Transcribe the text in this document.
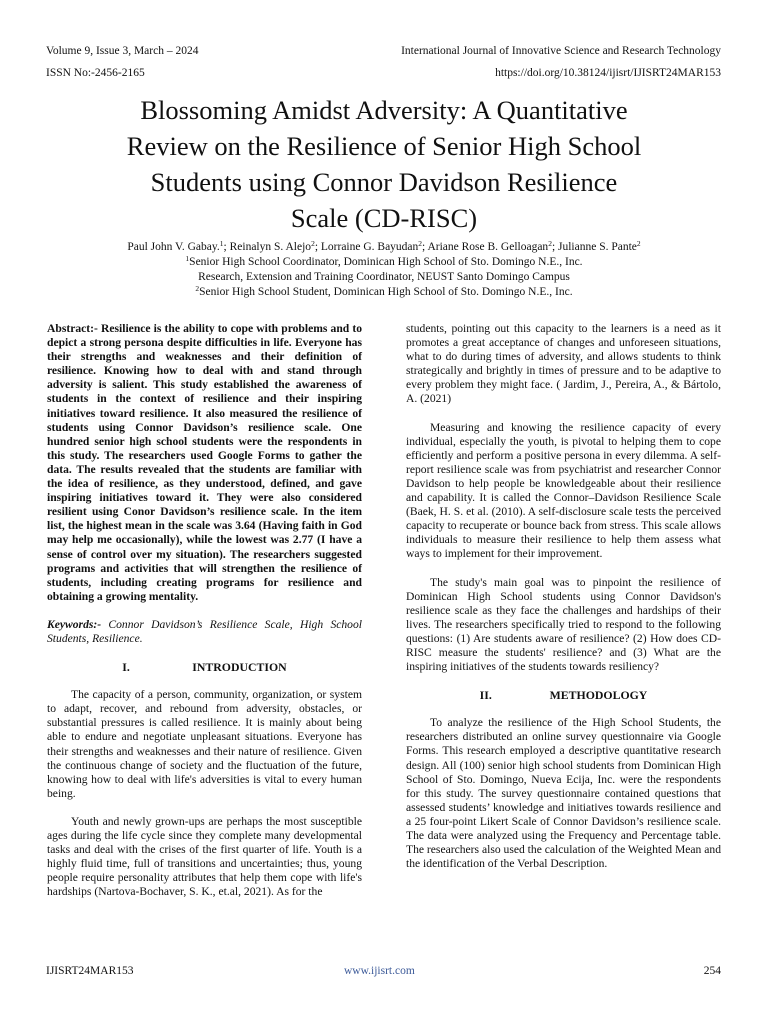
Volume 9, Issue 3, March – 2024
ISSN No:-2456-2165
International Journal of Innovative Science and Research Technology
https://doi.org/10.38124/ijisrt/IJISRT24MAR153
Blossoming Amidst Adversity: A Quantitative
Review on the Resilience of Senior High School
Students using Connor Davidson Resilience
Scale (CD-RISC)
Paul John V. Gabay.$^1$; Reinalyn S. Alejo$^2$; Lorraine G. Bayudan$^2$; Ariane Rose B. Gelloagan$^2$; Julianne S. Pante$^2$
$^1$Senior High School Coordinator, Dominican High School of Sto. Domingo N.E., Inc.
Research, Extension and Training Coordinator, NEUST Santo Domingo Campus
$^2$Senior High School Student, Dominican High School of Sto. Domingo N.E., Inc.

Abstract:- Resilience is the ability to cope with problems and to depict a strong persona despite difficulties in life. Everyone has their strengths and weaknesses and their definition of resilience. Knowing how to deal with and stand through adversity is salient. This study established the awareness of students in the context of resilience and their inspiring initiatives toward resilience. It also measured the resilience of students using Connor Davidson’s resilience scale. One hundred senior high school students were the respondents in this study. The researchers used Google Forms to gather the data. The results revealed that the students are familiar with the idea of resilience, as they understood, defined, and gave inspiring initiatives toward it. They were also considered resilient using Conor Davidson’s resilience scale. In the item list, the highest mean in the scale was 3.64 (Having faith in God may help me occasionally), while the lowest was 2.77 (I have a sense of control over my situation). The researchers suggested programs and activities that will strengthen the resilience of students, including creating programs for resilience and obtaining a growing mentality.

Keywords:- Connor Davidson’s Resilience Scale, High School Students, Resilience.

I.	INTRODUCTION

The capacity of a person, community, organization, or system to adapt, recover, and rebound from adversity, obstacles, or substantial pressures is called resilience. It is mainly about being able to endure and negotiate unpleasant situations. Everyone has their strengths and weaknesses and their nature of resilience. Given the continuous change of society and the fluctuation of the future, knowing how to deal with life's adversities is vital to every human being.

Youth and newly grown-ups are perhaps the most susceptible ages during the life cycle since they complete many developmental tasks and deal with the crises of the first quarter of life. Youth is a highly fluid time, full of transitions and uncertainties; thus, young people require personality attributes that help them cope with life's hardships (Nartova-Bochaver, S. K., et.al, 2021). As for the

students, pointing out this capacity to the learners is a need as it promotes a great acceptance of changes and unforeseen situations, what to do during times of adversity, and allows students to think strategically and brightly in times of pressure and to be adaptive to every problem they might face. ( Jardim, J., Pereira, A., & Bártolo, A. (2021)

Measuring and knowing the resilience capacity of every individual, especially the youth, is pivotal to helping them to cope efficiently and perform a positive persona in every dilemma. A self-report resilience scale was from psychiatrist and researcher Connor Davidson to help people be knowledgeable about their resilience and capability. It is called the Connor–Davidson Resilience Scale (Baek, H. S. et al. (2010). A self-disclosure scale tests the perceived capacity to recuperate or bounce back from stress. This scale allows individuals to measure their resilience to help them assess what ways to implement for their improvement.

The study's main goal was to pinpoint the resilience of Dominican High School students using Connor Davidson's resilience scale as they face the challenges and hardships of their lives. The researchers specifically tried to respond to the following questions: (1) Are students aware of resilience? (2) How does CD-RISC measure the students' resilience? and (3) What are the inspiring initiatives of the students towards resiliency?

II.	METHODOLOGY

To analyze the resilience of the High School Students, the researchers distributed an online survey questionnaire via Google Forms. This research employed a descriptive quantitative research design. All (100) senior high school students from Dominican High School of Sto. Domingo, Nueva Ecija, Inc. were the respondents for this study. The survey questionnaire contained questions that assessed students’ knowledge and initiatives towards resilience and a 25 four-point Likert Scale of Connor Davidson’s resilience scale. The data were analyzed using the Frequency and Percentage table. The researchers also used the calculation of the Weighted Mean and the identification of the Verbal Description.

IJISRT24MAR153	www.ijisrt.com	254
